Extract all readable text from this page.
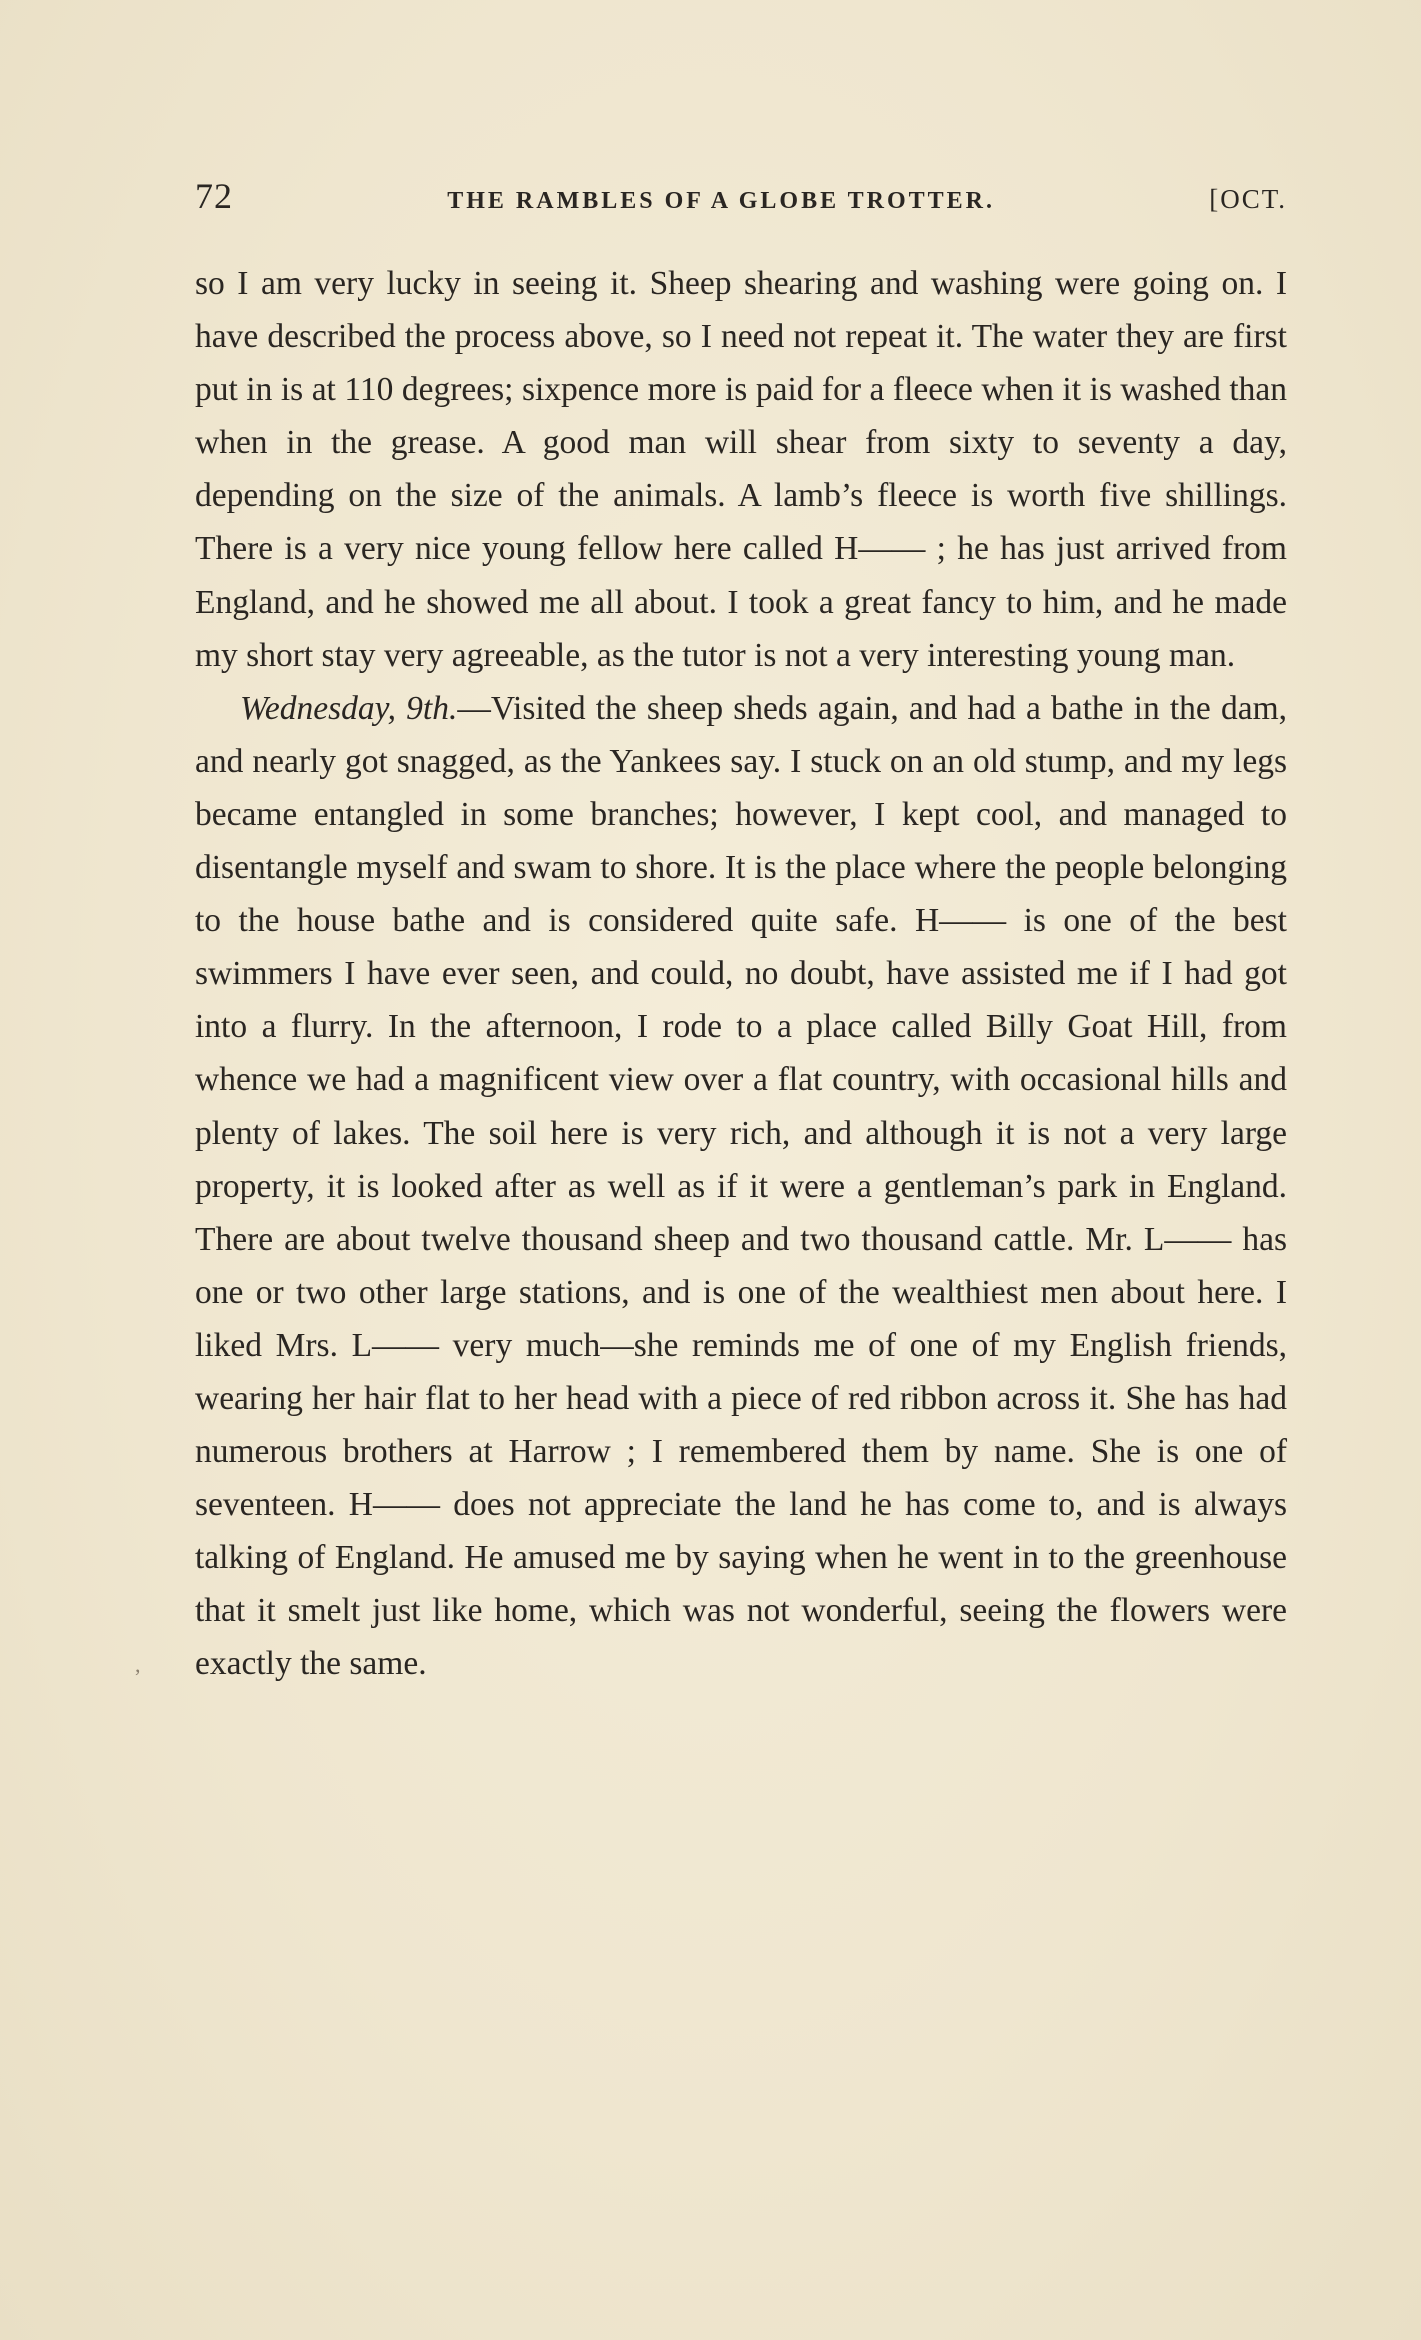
,
72	THE RAMBLES OF A GLOBE TROTTER.	[OCT.

so I am very lucky in seeing it. Sheep shearing and washing were going on. I have described the process above, so I need not repeat it. The water they are first put in is at 110 degrees; sixpence more is paid for a fleece when it is washed than when in the grease. A good man will shear from sixty to seventy a day, depending on the size of the animals. A lamb’s fleece is worth five shillings. There is a very nice young fellow here called H—— ; he has just arrived from England, and he showed me all about. I took a great fancy to him, and he made my short stay very agreeable, as the tutor is not a very interesting young man.

Wednesday, 9th.—Visited the sheep sheds again, and had a bathe in the dam, and nearly got snagged, as the Yankees say. I stuck on an old stump, and my legs became entangled in some branches; however, I kept cool, and managed to disentangle myself and swam to shore. It is the place where the people belonging to the house bathe and is considered quite safe. H—— is one of the best swimmers I have ever seen, and could, no doubt, have assisted me if I had got into a flurry. In the afternoon, I rode to a place called Billy Goat Hill, from whence we had a magnificent view over a flat country, with occasional hills and plenty of lakes. The soil here is very rich, and although it is not a very large property, it is looked after as well as if it were a gentleman’s park in England. There are about twelve thousand sheep and two thousand cattle. Mr. L—— has one or two other large stations, and is one of the wealthiest men about here. I liked Mrs. L—— very much—she reminds me of one of my English friends, wearing her hair flat to her head with a piece of red ribbon across it. She has had numerous brothers at Harrow ; I remembered them by name. She is one of seventeen. H—— does not appreciate the land he has come to, and is always talking of England. He amused me by saying when he went in to the greenhouse that it smelt just like home, which was not wonderful, seeing the flowers were exactly the same.
